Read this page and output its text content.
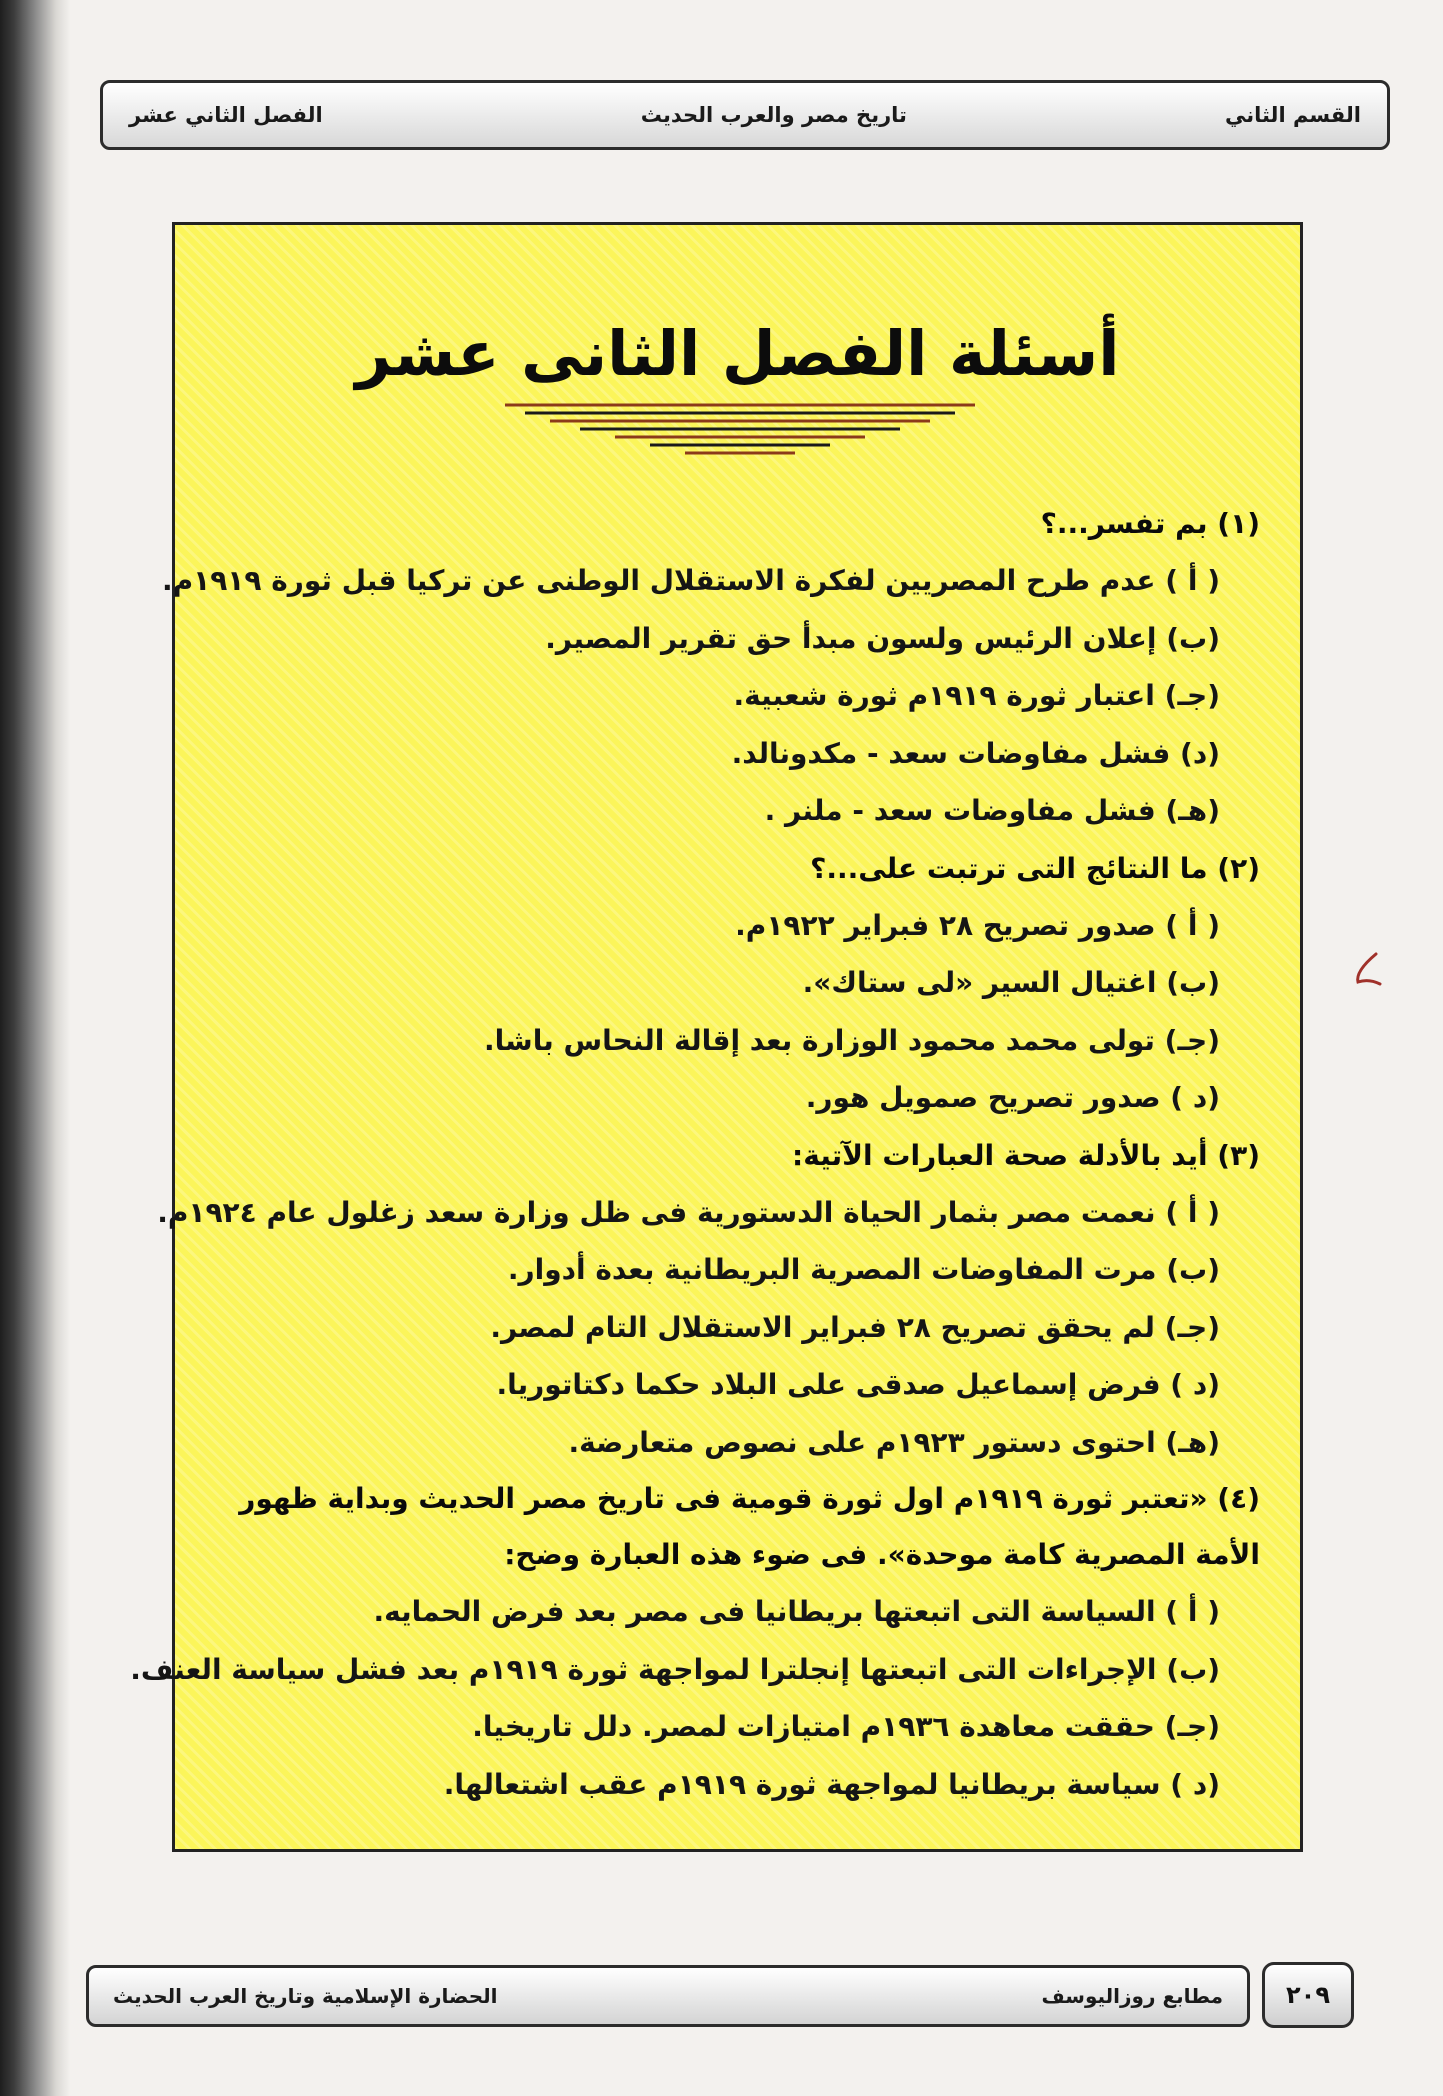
القسم الثاني
تاريخ مصر والعرب الحديث
الفصل الثاني عشر
أسئلة الفصل الثانى عشر
(١) بم تفسر...؟
( أ ) عدم طرح المصريين لفكرة الاستقلال الوطنى عن تركيا قبل ثورة ١٩١٩م.
(ب) إعلان الرئيس ولسون مبدأ حق تقرير المصير.
(جـ) اعتبار ثورة ١٩١٩م ثورة شعبية.
(د) فشل مفاوضات سعد - مكدونالد.
(هـ) فشل مفاوضات سعد - ملنر .
(٢) ما النتائج التى ترتبت على...؟
( أ ) صدور تصريح ٢٨ فبراير ١٩٢٢م.
(ب) اغتيال السير «لى ستاك».
(جـ) تولى محمد محمود الوزارة بعد إقالة النحاس باشا.
(د ) صدور تصريح صمويل هور.
(٣) أيد بالأدلة صحة العبارات الآتية:
( أ ) نعمت مصر بثمار الحياة الدستورية فى ظل وزارة سعد زغلول عام ١٩٢٤م.
(ب) مرت المفاوضات المصرية البريطانية بعدة أدوار.
(جـ) لم يحقق تصريح ٢٨ فبراير الاستقلال التام لمصر.
(د ) فرض إسماعيل صدقى على البلاد حكما دكتاتوريا.
(هـ) احتوى دستور ١٩٢٣م على نصوص متعارضة.
(٤) «تعتبر ثورة ١٩١٩م اول ثورة قومية فى تاريخ مصر الحديث وبداية ظهور الأمة المصرية كامة موحدة». فى ضوء هذه العبارة وضح:
( أ ) السياسة التى اتبعتها بريطانيا فى مصر بعد فرض الحمايه.
(ب) الإجراءات التى اتبعتها إنجلترا لمواجهة ثورة ١٩١٩م بعد فشل سياسة العنف.
(جـ) حققت معاهدة ١٩٣٦م امتيازات لمصر. دلل تاريخيا.
(د ) سياسة بريطانيا لمواجهة ثورة ١٩١٩م عقب اشتعالها.
٢٠٩
مطابع روزاليوسف
الحضارة الإسلامية وتاريخ العرب الحديث
